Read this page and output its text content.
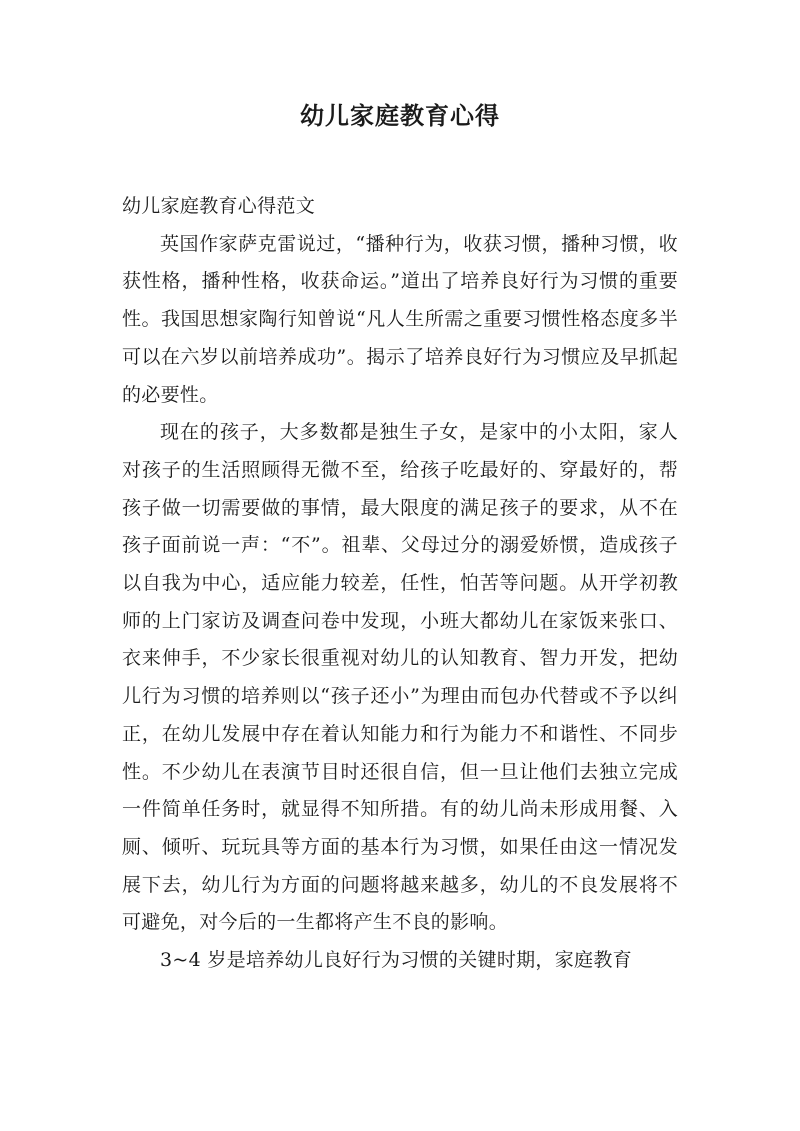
幼儿家庭教育心得

幼儿家庭教育心得范文

英国作家萨克雷说过，“播种行为，收获习惯，播种习惯，收获性格，播种性格，收获命运。”道出了培养良好行为习惯的重要性。我国思想家陶行知曾说“凡人生所需之重要习惯性格态度多半可以在六岁以前培养成功”。揭示了培养良好行为习惯应及早抓起的必要性。

现在的孩子，大多数都是独生子女，是家中的小太阳，家人对孩子的生活照顾得无微不至，给孩子吃最好的、穿最好的，帮孩子做一切需要做的事情，最大限度的满足孩子的要求，从不在孩子面前说一声：“不”。祖辈、父母过分的溺爱娇惯，造成孩子以自我为中心，适应能力较差，任性，怕苦等问题。从开学初教师的上门家访及调查问卷中发现，小班大都幼儿在家饭来张口、衣来伸手，不少家长很重视对幼儿的认知教育、智力开发，把幼儿行为习惯的培养则以“孩子还小”为理由而包办代替或不予以纠正，在幼儿发展中存在着认知能力和行为能力不和谐性、不同步性。不少幼儿在表演节目时还很自信，但一旦让他们去独立完成一件简单任务时，就显得不知所措。有的幼儿尚未形成用餐、入厕、倾听、玩玩具等方面的基本行为习惯，如果任由这一情况发展下去，幼儿行为方面的问题将越来越多，幼儿的不良发展将不可避免，对今后的一生都将产生不良的影响。

3~4 岁是培养幼儿良好行为习惯的关键时期，家庭教育
